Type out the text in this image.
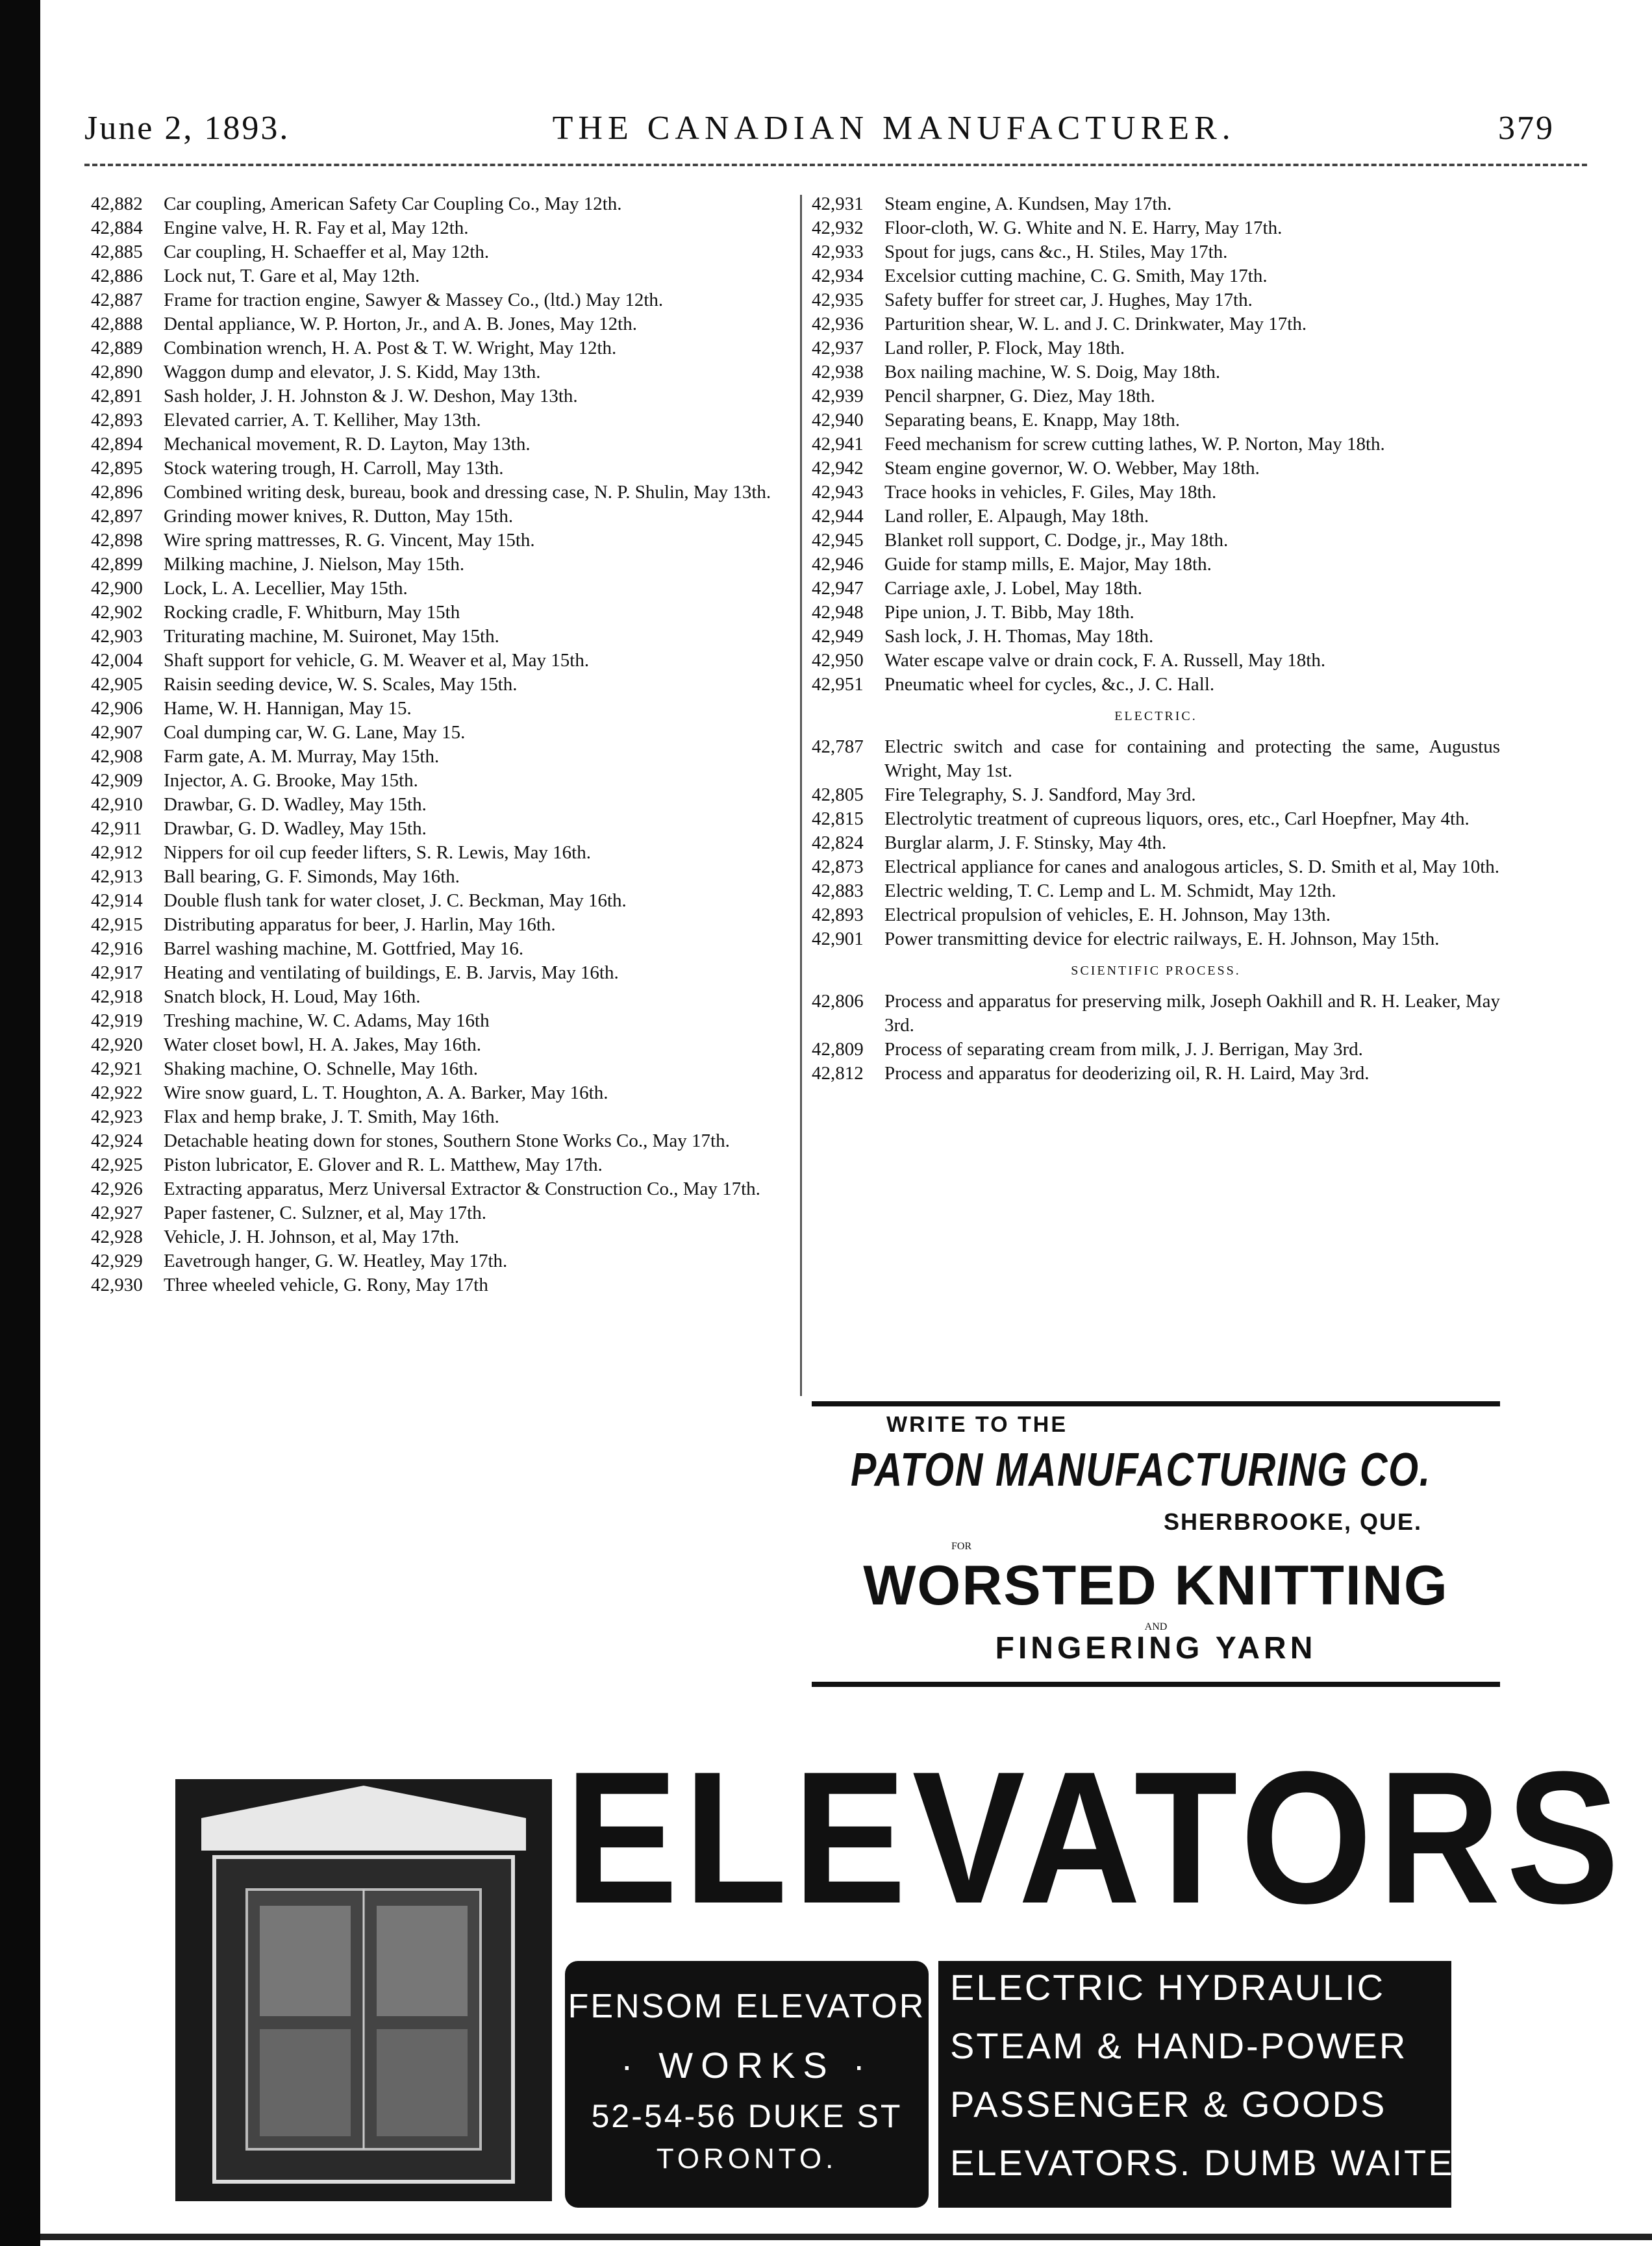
June 2, 1893.	THE CANADIAN MANUFACTURER.	379
42,882	Car coupling, American Safety Car Coupling Co., May 12th.
42,884	Engine valve, H. R. Fay et al, May 12th.
42,885	Car coupling, H. Schaeffer et al, May 12th.
42,886	Lock nut, T. Gare et al, May 12th.
42,887	Frame for traction engine, Sawyer & Massey Co., (ltd.) May 12th.
42,888	Dental appliance, W. P. Horton, Jr., and A. B. Jones, May 12th.
42,889	Combination wrench, H. A. Post & T. W. Wright, May 12th.
42,890	Waggon dump and elevator, J. S. Kidd, May 13th.
42,891	Sash holder, J. H. Johnston & J. W. Deshon, May 13th.
42,893	Elevated carrier, A. T. Kelliher, May 13th.
42,894	Mechanical movement, R. D. Layton, May 13th.
42,895	Stock watering trough, H. Carroll, May 13th.
42,896	Combined writing desk, bureau, book and dressing case, N. P. Shulin, May 13th.
42,897	Grinding mower knives, R. Dutton, May 15th.
42,898	Wire spring mattresses, R. G. Vincent, May 15th.
42,899	Milking machine, J. Nielson, May 15th.
42,900	Lock, L. A. Lecellier, May 15th.
42,902	Rocking cradle, F. Whitburn, May 15th
42,903	Triturating machine, M. Suironet, May 15th.
42,004	Shaft support for vehicle, G. M. Weaver et al, May 15th.
42,905	Raisin seeding device, W. S. Scales, May 15th.
42,906	Hame, W. H. Hannigan, May 15.
42,907	Coal dumping car, W. G. Lane, May 15.
42,908	Farm gate, A. M. Murray, May 15th.
42,909	Injector, A. G. Brooke, May 15th.
42,910	Drawbar, G. D. Wadley, May 15th.
42,911	Drawbar, G. D. Wadley, May 15th.
42,912	Nippers for oil cup feeder lifters, S. R. Lewis, May 16th.
42,913	Ball bearing, G. F. Simonds, May 16th.
42,914	Double flush tank for water closet, J. C. Beckman, May 16th.
42,915	Distributing apparatus for beer, J. Harlin, May 16th.
42,916	Barrel washing machine, M. Gottfried, May 16.
42,917	Heating and ventilating of buildings, E. B. Jarvis, May 16th.
42,918	Snatch block, H. Loud, May 16th.
42,919	Treshing machine, W. C. Adams, May 16th
42,920	Water closet bowl, H. A. Jakes, May 16th.
42,921	Shaking machine, O. Schnelle, May 16th.
42,922	Wire snow guard, L. T. Houghton, A. A. Barker, May 16th.
42,923	Flax and hemp brake, J. T. Smith, May 16th.
42,924	Detachable heating down for stones, Southern Stone Works Co., May 17th.
42,925	Piston lubricator, E. Glover and R. L. Matthew, May 17th.
42,926	Extracting apparatus, Merz Universal Extractor & Construction Co., May 17th.
42,927	Paper fastener, C. Sulzner, et al, May 17th.
42,928	Vehicle, J. H. Johnson, et al, May 17th.
42,929	Eavetrough hanger, G. W. Heatley, May 17th.
42,930	Three wheeled vehicle, G. Rony, May 17th
42,931	Steam engine, A. Kundsen, May 17th.
42,932	Floor-cloth, W. G. White and N. E. Harry, May 17th.
42,933	Spout for jugs, cans &c., H. Stiles, May 17th.
42,934	Excelsior cutting machine, C. G. Smith, May 17th.
42,935	Safety buffer for street car, J. Hughes, May 17th.
42,936	Parturition shear, W. L. and J. C. Drinkwater, May 17th.
42,937	Land roller, P. Flock, May 18th.
42,938	Box nailing machine, W. S. Doig, May 18th.
42,939	Pencil sharpner, G. Diez, May 18th.
42,940	Separating beans, E. Knapp, May 18th.
42,941	Feed mechanism for screw cutting lathes, W. P. Norton, May 18th.
42,942	Steam engine governor, W. O. Webber, May 18th.
42,943	Trace hooks in vehicles, F. Giles, May 18th.
42,944	Land roller, E. Alpaugh, May 18th.
42,945	Blanket roll support, C. Dodge, jr., May 18th.
42,946	Guide for stamp mills, E. Major, May 18th.
42,947	Carriage axle, J. Lobel, May 18th.
42,948	Pipe union, J. T. Bibb, May 18th.
42,949	Sash lock, J. H. Thomas, May 18th.
42,950	Water escape valve or drain cock, F. A. Russell, May 18th.
42,951	Pneumatic wheel for cycles, &c., J. C. Hall.
ELECTRIC.
42,787	Electric switch and case for containing and protecting the same, Augustus Wright, May 1st.
42,805	Fire Telegraphy, S. J. Sandford, May 3rd.
42,815	Electrolytic treatment of cupreous liquors, ores, etc., Carl Hoepfner, May 4th.
42,824	Burglar alarm, J. F. Stinsky, May 4th.
42,873	Electrical appliance for canes and analogous articles, S. D. Smith et al, May 10th.
42,883	Electric welding, T. C. Lemp and L. M. Schmidt, May 12th.
42,893	Electrical propulsion of vehicles, E. H. Johnson, May 13th.
42,901	Power transmitting device for electric railways, E. H. Johnson, May 15th.
SCIENTIFIC PROCESS.
42,806	Process and apparatus for preserving milk, Joseph Oakhill and R. H. Leaker, May 3rd.
42,809	Process of separating cream from milk, J. J. Berrigan, May 3rd.
42,812	Process and apparatus for deoderizing oil, R. H. Laird, May 3rd.
WRITE TO THE
PATON MANUFACTURING CO.
SHERBROOKE, QUE.
FOR
WORSTED KNITTING
AND
FINGERING YARN
ELEVATORS
FENSOM ELEVATOR
· WORKS ·
52-54-56 DUKE ST
TORONTO.
ELECTRIC HYDRAULIC
STEAM & HAND-POWER
PASSENGER & GOODS
ELEVATORS. DUMB WAITERS
